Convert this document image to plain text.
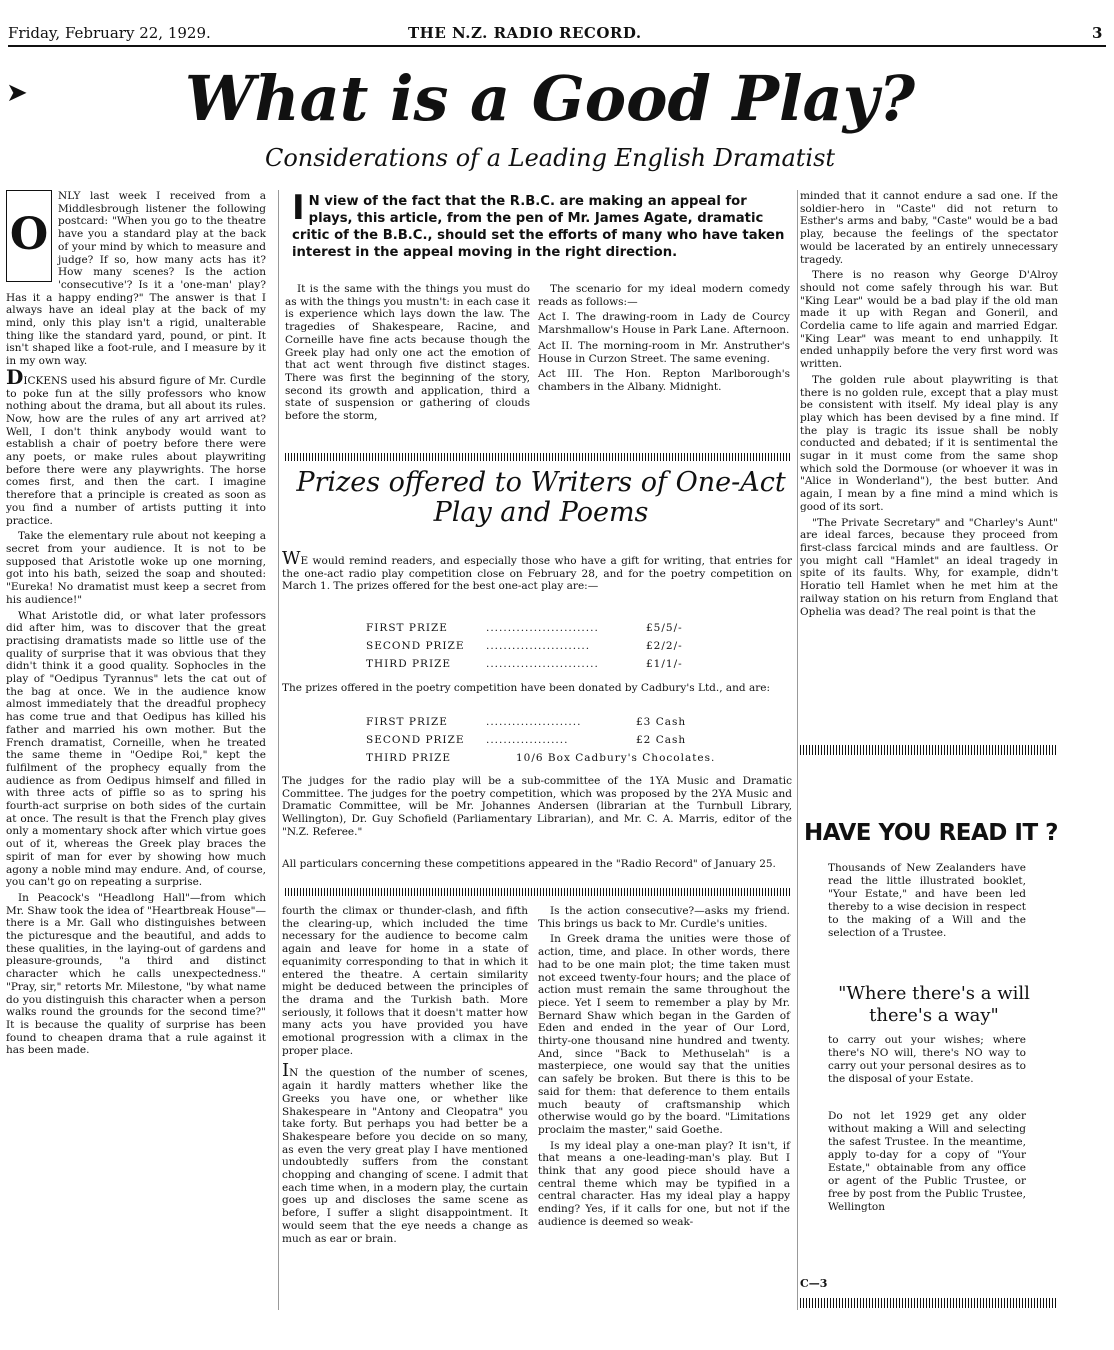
Friday, February 22, 1929.	THE N.Z. RADIO RECORD.	3
➤	What is a Good Play?
Considerations of a Leading English Dramatist
O

NLY last week I received from a Middlesbrough listener the following postcard: "When you go to the theatre have you a standard play at the back of your mind by which to measure and judge? If so, how many acts has it? How many scenes? Is the action 'consecutive'? Is it a 'one-man' play? Has it a happy ending?" The answer is that I always have an ideal play at the back of my mind, only this play isn't a rigid, unalterable thing like the standard yard, pound, or pint. It isn't shaped like a foot-rule, and I measure by it in my own way.

DICKENS used his absurd figure of Mr. Curdle to poke fun at the silly professors who know nothing about the drama, but all about its rules. Now, how are the rules of any art arrived at? Well, I don't think anybody would want to establish a chair of poetry before there were any poets, or make rules about playwriting before there were any playwrights. The horse comes first, and then the cart. I imagine therefore that a principle is created as soon as you find a number of artists putting it into practice.

Take the elementary rule about not keeping a secret from your audience. It is not to be supposed that Aristotle woke up one morning, got into his bath, seized the soap and shouted: "Eureka! No dramatist must keep a secret from his audience!"

What Aristotle did, or what later professors did after him, was to discover that the great practising dramatists made so little use of the quality of surprise that it was obvious that they didn't think it a good quality. Sophocles in the play of "Oedipus Tyrannus" lets the cat out of the bag at once. We in the audience know almost immediately that the dreadful prophecy has come true and that Oedipus has killed his father and married his own mother. But the French dramatist, Corneille, when he treated the same theme in "Oedipe Roi," kept the fulfilment of the prophecy equally from the audience as from Oedipus himself and filled in with three acts of piffle so as to spring his fourth-act surprise on both sides of the curtain at once. The result is that the French play gives only a momentary shock after which virtue goes out of it, whereas the Greek play braces the spirit of man for ever by showing how much agony a noble mind may endure. And, of course, you can't go on repeating a surprise.

In Peacock's "Headlong Hall"—from which Mr. Shaw took the idea of "Heartbreak House"—there is a Mr. Gall who distinguishes between the picturesque and the beautiful, and adds to these qualities, in the laying-out of gardens and pleasure-grounds, "a third and distinct character which he calls unexpectedness." "Pray, sir," retorts Mr. Milestone, "by what name do you distinguish this character when a person walks round the grounds for the second time?" It is because the quality of surprise has been found to cheapen drama that a rule against it has been made.

I N view of the fact that the R.B.C. are making an appeal for plays, this article, from the pen of Mr. James Agate, dramatic critic of the B.B.C., should set the efforts of many who have taken interest in the appeal moving in the right direction.

It is the same with the things you must do as with the things you mustn't: in each case it is experience which lays down the law. The tragedies of Shakespeare, Racine, and Corneille have fine acts because though the Greek play had only one act the emotion of that act went through five distinct stages. There was first the beginning of the story, second its growth and application, third a state of suspension or gathering of clouds before the storm,

The scenario for my ideal modern comedy reads as follows:—

Act I. The drawing-room in Lady de Courcy Marshmallow's House in Park Lane. Afternoon.

Act II. The morning-room in Mr. Anstruther's House in Curzon Street. The same evening.

Act III. The Hon. Repton Marlborough's chambers in the Albany. Midnight.

Prizes offered to Writers of One-Act
Play and Poems
WE would remind readers, and especially those who have a gift for writing, that entries for the one-act radio play competition close on February 28, and for the poetry competition on March 1. The prizes offered for the best one-act play are:—
FIRST PRIZE	..........................	£5/5/-
SECOND PRIZE ........................	£2/2/-
THIRD PRIZE	..........................	£1/1/-
The prizes offered in the poetry competition have been donated by Cadbury's Ltd., and are:
FIRST PRIZE	......................	£3 Cash
SECOND PRIZE ...................	£2 Cash
THIRD PRIZE	10/6 Box Cadbury's Chocolates.
The judges for the radio play will be a sub-committee of the 1YA Music and Dramatic Committee. The judges for the poetry competition, which was proposed by the 2YA Music and Dramatic Committee, will be Mr. Johannes Andersen (librarian at the Turnbull Library, Wellington), Dr. Guy Schofield (Parliamentary Librarian), and Mr. C. A. Marris, editor of the "N.Z. Referee."
All particulars concerning these competitions appeared in the "Radio Record" of January 25.

fourth the climax or thunder-clash, and fifth the clearing-up, which included the time necessary for the audience to become calm again and leave for home in a state of equanimity corresponding to that in which it entered the theatre. A certain similarity might be deduced between the principles of the drama and the Turkish bath. More seriously, it follows that it doesn't matter how many acts you have provided you have emotional progression with a climax in the proper place.

IN the question of the number of scenes, again it hardly matters whether like the Greeks you have one, or whether like Shakespeare in "Antony and Cleopatra" you take forty. But perhaps you had better be a Shakespeare before you decide on so many, as even the very great play I have mentioned undoubtedly suffers from the constant chopping and changing of scene. I admit that each time when, in a modern play, the curtain goes up and discloses the same scene as before, I suffer a slight disappointment. It would seem that the eye needs a change as much as ear or brain.

Is the action consecutive?—asks my friend. This brings us back to Mr. Curdle's unities.

In Greek drama the unities were those of action, time, and place. In other words, there had to be one main plot; the time taken must not exceed twenty-four hours; and the place of action must remain the same throughout the piece. Yet I seem to remember a play by Mr. Bernard Shaw which began in the Garden of Eden and ended in the year of Our Lord, thirty-one thousand nine hundred and twenty. And, since "Back to Methuselah" is a masterpiece, one would say that the unities can safely be broken. But there is this to be said for them: that deference to them entails much beauty of craftsmanship which otherwise would go by the board. "Limitations proclaim the master," said Goethe.

Is my ideal play a one-man play? It isn't, if that means a one-leading-man's play. But I think that any good piece should have a central theme which may be typified in a central character. Has my ideal play a happy ending? Yes, if it calls for one, but not if the audience is deemed so weak-

minded that it cannot endure a sad one. If the soldier-hero in "Caste" did not return to Esther's arms and baby, "Caste" would be a bad play, because the feelings of the spectator would be lacerated by an entirely unnecessary tragedy.

There is no reason why George D'Alroy should not come safely through his war. But "King Lear" would be a bad play if the old man made it up with Regan and Goneril, and Cordelia came to life again and married Edgar. "King Lear" was meant to end unhappily. It ended unhappily before the very first word was written.

The golden rule about playwriting is that there is no golden rule, except that a play must be consistent with itself. My ideal play is any play which has been devised by a fine mind. If the play is tragic its issue shall be nobly conducted and debated; if it is sentimental the sugar in it must come from the same shop which sold the Dormouse (or whoever it was in "Alice in Wonderland"), the best butter. And again, I mean by a fine mind a mind which is good of its sort.

"The Private Secretary" and "Charley's Aunt" are ideal farces, because they proceed from first-class farcical minds and are faultless. Or you might call "Hamlet" an ideal tragedy in spite of its faults. Why, for example, didn't Horatio tell Hamlet when he met him at the railway station on his return from England that Ophelia was dead? The real point is that the

HAVE YOU READ IT ?
Thousands of New Zealanders have read the little illustrated booklet, "Your Estate," and have been led thereby to a wise decision in respect to the making of a Will and the selection of a Trustee.
"Where there's a will
there's a way"
to carry out your wishes; where there's NO will, there's NO way to carry out your personal desires as to the disposal of your Estate.
Do not let 1929 get any older without making a Will and selecting the safest Trustee. In the meantime, apply to-day for a copy of "Your Estate," obtainable from any office or agent of the Public Trustee, or free by post from the Public Trustee, Wellington
C—3
